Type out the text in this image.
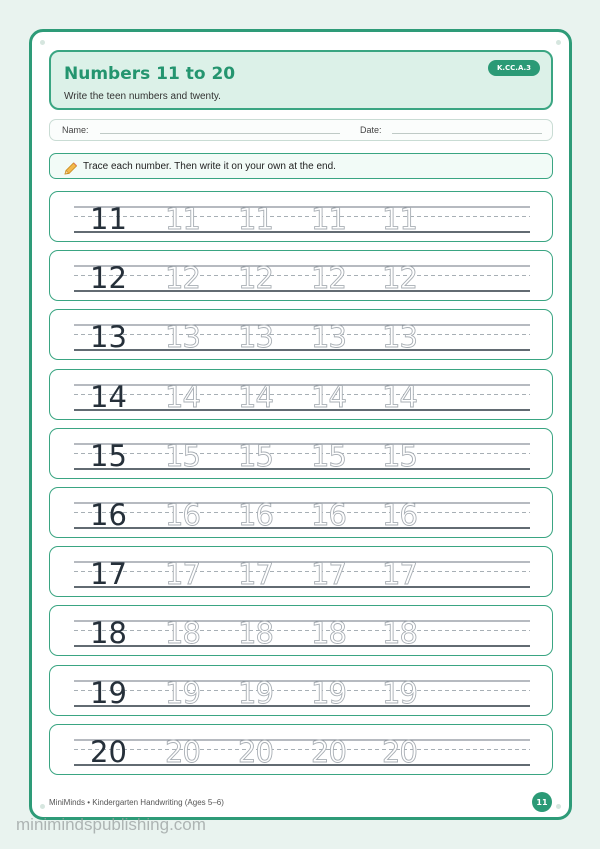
Numbers 11 to 20
Write the teen numbers and twenty.
K.CC.A.3
Name:	Date:
Trace each number. Then write it on your own at the end.
11 11 11 11 11
12 12 12 12 12
13 13 13 13 13
14 14 14 14 14
15 15 15 15 15
16 16 16 16 16
17 17 17 17 17
18 18 18 18 18
19 19 19 19 19
20 20 20 20 20
MiniMinds • Kindergarten Handwriting (Ages 5–6)	11
minimindspublishing.com
